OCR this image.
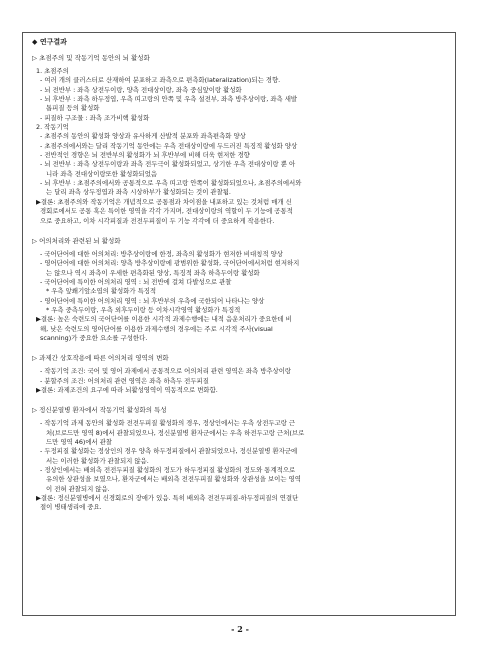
◆ 연구결과
▷ 초점주의 및 작동기억 동안의 뇌 활성화
1. 초점주의
- 여러 개의 클러스터로 산재하여 분포하고 좌측으로 편측화(lateralization)되는 경향.
- 뇌 전반부 : 좌측 상전두이랑, 양측 전대상이랑, 좌측 중심앞이랑 활성화
- 뇌 후반부 : 좌측 하두정엽, 우측 띠고랑의 안쪽 및 우측 설전부, 좌측 방추상이랑, 좌측 새발
톱피질 등의 활성화
- 피질하 구조물 : 좌측 조가비핵 활성화
2. 작동기억
- 초점주의 동안의 활성화 양상과 유사하게 산발적 분포와 좌측편측화 양상
- 초점주의에서와는 달리 작동기억 동안에는 우측 전대상이랑에 두드러진 특징적 활성화 양상
- 전반적인 경향은 뇌 전반부의 활성화가 뇌 후반부에 비해 더욱 현저한 경향
- 뇌 전반부 : 좌측 상전두이랑과 좌측 전두극이 활성화되었고, 상기한 우측 전대상이랑 뿐 아
니라 좌측 전대상이랑또한 활성화되었음
- 뇌 후반부 : 초점주의에서와 공통적으로 우측 띠고랑 안쪽이 활성화되었으나, 초점주의에서와
는 달리 좌측 상두정엽과 좌측 시상하부가 활성화되는 것이 관찰됨.
▶결론: 초점주의와 작동기억은 개념적으로 공통점과 차이점을 내포하고 있는 것처럼 매개 신
경회로에서도 공통 혹은 특이한 영역을 각각 가지며, 전대상이랑의 역할이 두 기능에 공통적
으로 중요하고, 이차 시각피질과 전전두피질이 두 기능 각각에 더 중요하게 작용한다.
▷ 어의처리와 관련된 뇌 활성화
- 국어단어에 대한 어의처리: 방추상이랑에 한정, 좌측의 활성화가 현저한 비대칭적 양상
- 영어단어에 대한 어의처리: 양측 방추상이랑에 광범위한 활성화, 국어단어에서처럼 현저하지
는 않으나 역시 좌측이 우세한 편측화된 양상, 특징적 좌측 하측두이랑 활성화
- 국어단어에 특이한 어의처리 영역 : 뇌 전반에 걸쳐 다발성으로 관찰
* 우측 앞쐐기앞소엽의 활성화가 특징적
- 영어단어에 특이한 어의처리 영역 : 뇌 후반부의 우측에 국한되어 나타나는 양상
* 우측 중측두이랑, 우측 외후두이랑 등 이차시각영역 활성화가 특징적
▶결론: 높은 숙련도의 국어단어를 이용한 시각적 과제수행에는 내적 음운처리가 중요한데 비
해, 낮은 숙련도의 영어단어를 이용한 과제수행의 경우에는 주로 시각적 주사(visual
scanning)가 중요한 요소를 구성한다.
▷ 과제간 상호작용에 따른 어의처리 영역의 변화
- 작동기억 조건: 국어 및 영어 과제에서 공통적으로 어의처리 관련 영역은 좌측 방추상이랑
- 분할주의 조건: 어의처리 관련 영역은 좌측 하측두 전두피질
▶결론: 과제조건의 요구에 따라 뇌활성영역이 역동적으로 변화함.
▷ 정신분열병 환자에서 작동기억 활성화의 특성
- 작동기억 과제 동안의 활성화 전전두피질 활성화의 경우, 정상인에서는 우측 상전두고랑 근
처(브로드만 영역 8)에서 관찰되었으나, 정신분열병 환자군에서는 우측 하전두고랑 근처(브로
드만 영역 46)에서 관찰
- 두정피질 활성화는 정상인의 경우 양측 하두정피질에서 관찰되었으나, 정신분열병 환자군에
서는 이러한 활성화가 관찰되지 않음.
- 정상인에서는 배외측 전전두피질 활성화의 정도가 하두정피질 활성화의 정도와 통계적으로
유의한 상관성을 보였으나, 환자군에서는 배외측 전전두피질 활성화와 상관성을 보이는 영역
이 전혀 관찰되지 않음.
▶결론: 정신분열병에서 신경회로의 장애가 있음. 특히 배외측 전전두피질-하두정피질의 연결단
절이 병태생리에 중요.
- 2 -
